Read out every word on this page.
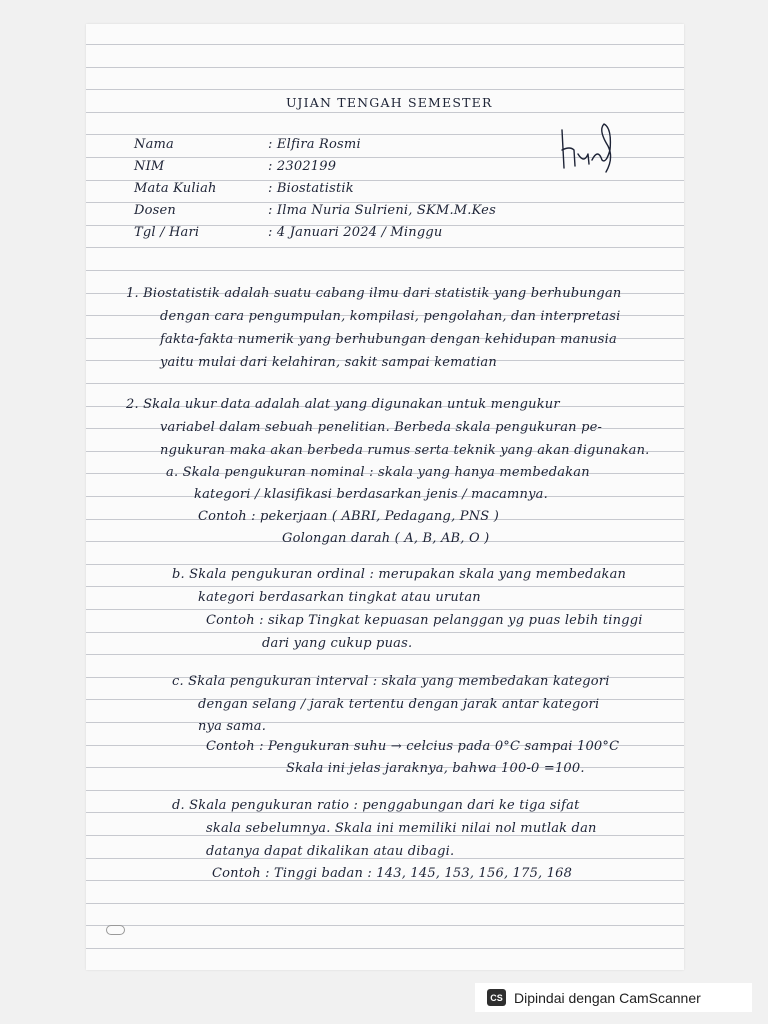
UJIAN TENGAH SEMESTER
Nama	: Elfira Rosmi
NIM	: 2302199
Mata Kuliah	: Biostatistik
Dosen	: Ilma Nuria Sulrieni, SKM.M.Kes
Tgl / Hari	: 4 Januari 2024 / Minggu
1. Biostatistik adalah suatu cabang ilmu dari statistik yang berhubungan
dengan cara pengumpulan, kompilasi, pengolahan, dan interpretasi
fakta-fakta numerik yang berhubungan dengan kehidupan manusia
yaitu mulai dari kelahiran, sakit sampai kematian
2. Skala ukur data adalah alat yang digunakan untuk mengukur
variabel dalam sebuah penelitian. Berbeda skala pengukuran pe-
ngukuran maka akan berbeda rumus serta teknik yang akan digunakan.
a. Skala pengukuran nominal : skala yang hanya membedakan
kategori / klasifikasi berdasarkan jenis / macamnya.
Contoh : pekerjaan ( ABRI, Pedagang, PNS )
Golongan darah ( A, B, AB, O )
b. Skala pengukuran ordinal : merupakan skala yang membedakan
kategori berdasarkan tingkat atau urutan
Contoh : sikap Tingkat kepuasan pelanggan yg puas lebih tinggi
dari yang cukup puas.
c. Skala pengukuran interval : skala yang membedakan kategori
dengan selang / jarak tertentu dengan jarak antar kategori
nya sama.
Contoh : Pengukuran suhu → celcius pada 0°C sampai 100°C
Skala ini jelas jaraknya, bahwa 100-0 =100.
d. Skala pengukuran ratio : penggabungan dari ke tiga sifat
skala sebelumnya. Skala ini memiliki nilai nol mutlak dan
datanya dapat dikalikan atau dibagi.
Contoh : Tinggi badan : 143, 145, 153, 156, 175, 168

CS Dipindai dengan CamScanner
